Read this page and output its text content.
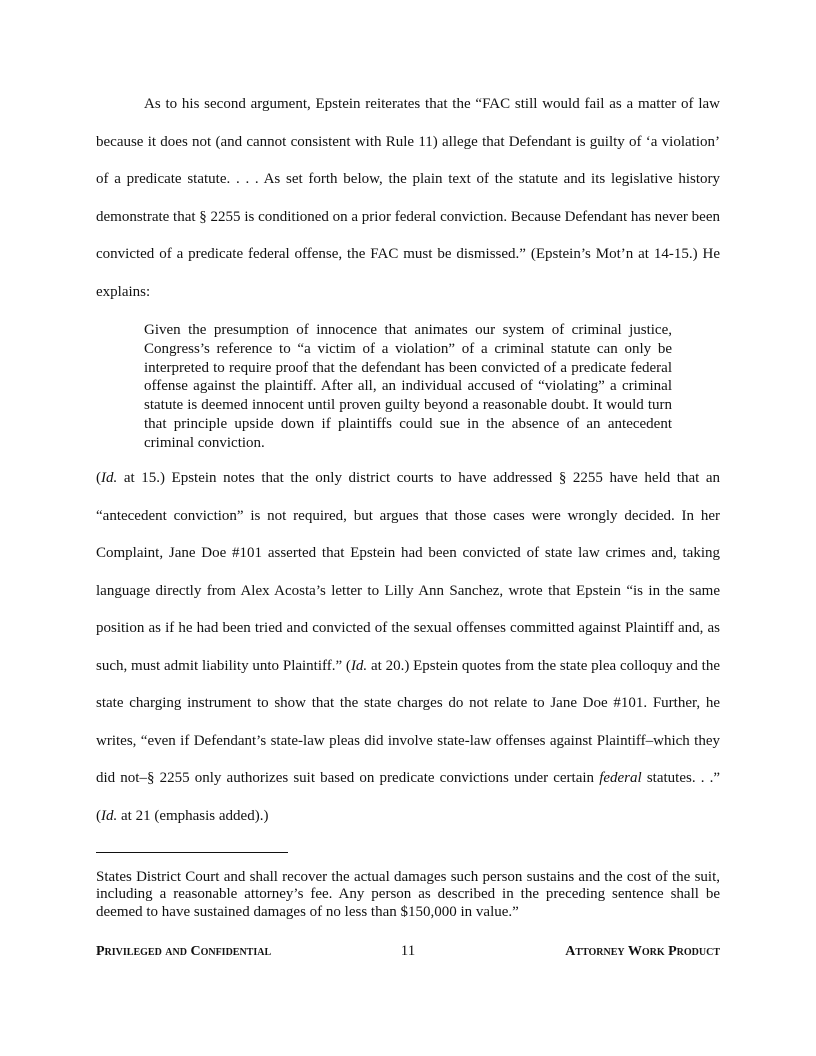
As to his second argument, Epstein reiterates that the “FAC still would fail as a matter of law because it does not (and cannot consistent with Rule 11) allege that Defendant is guilty of ‘a violation’ of a predicate statute. . . . As set forth below, the plain text of the statute and its legislative history demonstrate that § 2255 is conditioned on a prior federal conviction. Because Defendant has never been convicted of a predicate federal offense, the FAC must be dismissed.” (Epstein’s Mot’n at 14-15.) He explains:

Given the presumption of innocence that animates our system of criminal justice, Congress’s reference to “a victim of a violation” of a criminal statute can only be interpreted to require proof that the defendant has been convicted of a predicate federal offense against the plaintiff. After all, an individual accused of “violating” a criminal statute is deemed innocent until proven guilty beyond a reasonable doubt. It would turn that principle upside down if plaintiffs could sue in the absence of an antecedent criminal conviction.

(Id. at 15.) Epstein notes that the only district courts to have addressed § 2255 have held that an “antecedent conviction” is not required, but argues that those cases were wrongly decided. In her Complaint, Jane Doe #101 asserted that Epstein had been convicted of state law crimes and, taking language directly from Alex Acosta’s letter to Lilly Ann Sanchez, wrote that Epstein “is in the same position as if he had been tried and convicted of the sexual offenses committed against Plaintiff and, as such, must admit liability unto Plaintiff.” (Id. at 20.) Epstein quotes from the state plea colloquy and the state charging instrument to show that the state charges do not relate to Jane Doe #101. Further, he writes, “even if Defendant’s state-law pleas did involve state-law offenses against Plaintiff–which they did not–§ 2255 only authorizes suit based on predicate convictions under certain federal statutes. . .” (Id. at 21 (emphasis added).)

States District Court and shall recover the actual damages such person sustains and the cost of the suit, including a reasonable attorney’s fee. Any person as described in the preceding sentence shall be deemed to have sustained damages of no less than $150,000 in value.”

Privileged and Confidential	11	Attorney Work Product
